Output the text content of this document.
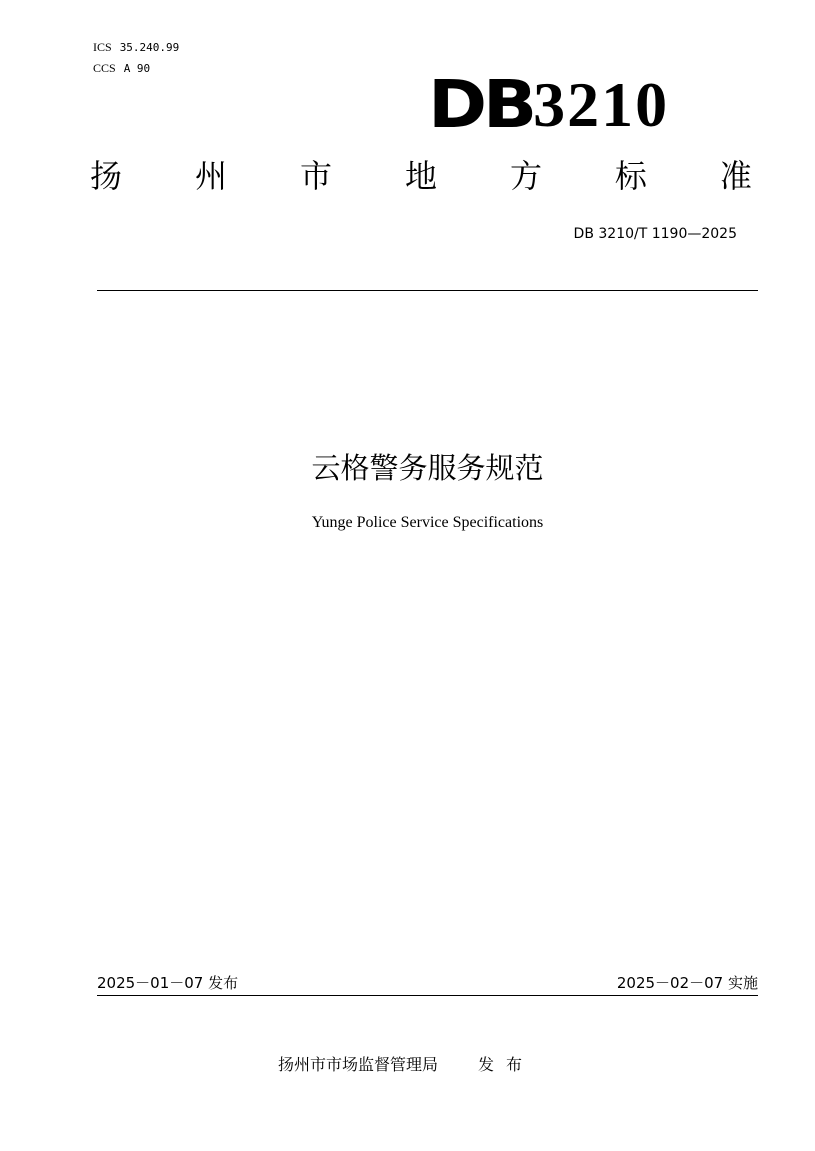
ICS 35.240.99
CCS A 90	DB 3210
扬 州 市 地 方 标 准
DB 3210/T 1190—2025
云格警务服务规范
Yunge Police Service Specifications
2025－01－07 发布	2025－02－07 实施
扬州市市场监督管理局	发布
